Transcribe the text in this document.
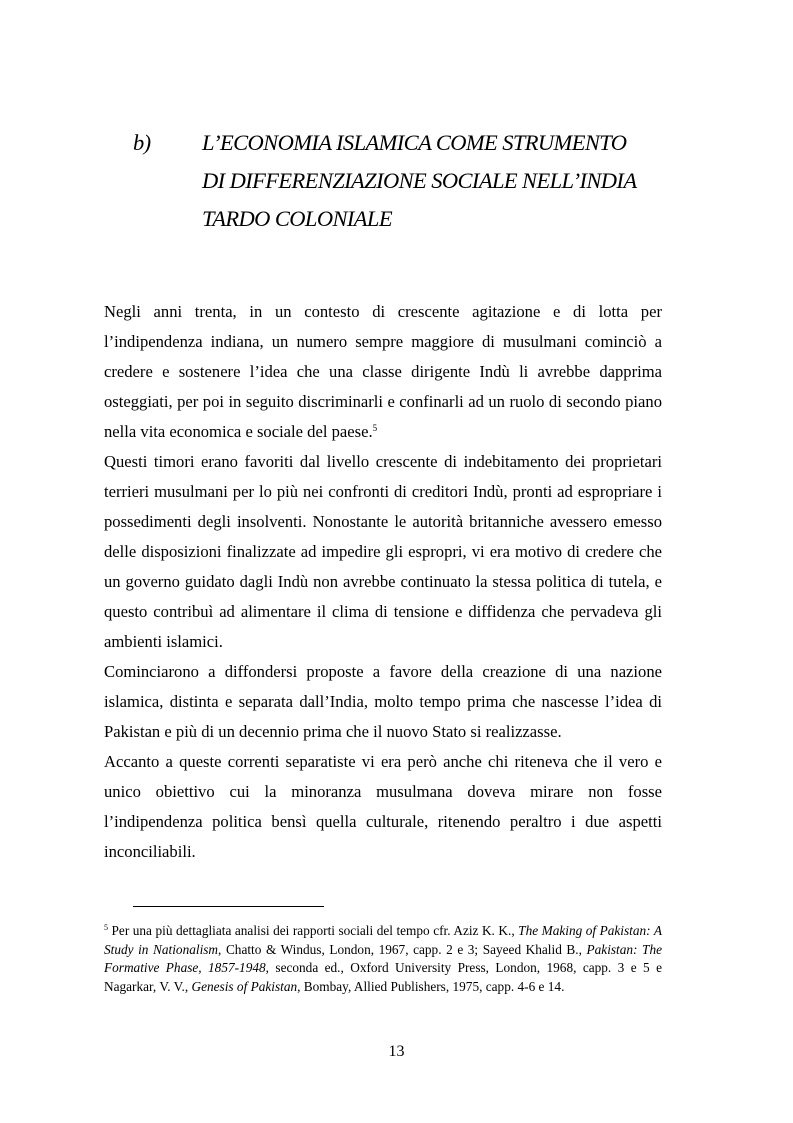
b) L’ECONOMIA ISLAMICA COME STRUMENTO
DI DIFFERENZIAZIONE SOCIALE NELL’INDIA
TARDO COLONIALE

Negli anni trenta, in un contesto di crescente agitazione e di lotta per l’indipendenza indiana, un numero sempre maggiore di musulmani cominciò a credere e sostenere l’idea che una classe dirigente Indù li avrebbe dapprima osteggiati, per poi in seguito discriminarli e confinarli ad un ruolo di secondo piano nella vita economica e sociale del paese.$^5$

Questi timori erano favoriti dal livello crescente di indebitamento dei proprietari terrieri musulmani per lo più nei confronti di creditori Indù, pronti ad espropriare i possedimenti degli insolventi. Nonostante le autorità britanniche avessero emesso delle disposizioni finalizzate ad impedire gli espropri, vi era motivo di credere che un governo guidato dagli Indù non avrebbe continuato la stessa politica di tutela, e questo contribuì ad alimentare il clima di tensione e diffidenza che pervadeva gli ambienti islamici.

Cominciarono a diffondersi proposte a favore della creazione di una nazione islamica, distinta e separata dall’India, molto tempo prima che nascesse l’idea di Pakistan e più di un decennio prima che il nuovo Stato si realizzasse.

Accanto a queste correnti separatiste vi era però anche chi riteneva che il vero e unico obiettivo cui la minoranza musulmana doveva mirare non fosse l’indipendenza politica bensì quella culturale, ritenendo peraltro i due aspetti inconciliabili.

$^5$ Per una più dettagliata analisi dei rapporti sociali del tempo cfr. Aziz K. K., The Making of Pakistan: A Study in Nationalism, Chatto & Windus, London, 1967, capp. 2 e 3; Sayeed Khalid B., Pakistan: The Formative Phase, 1857-1948, seconda ed., Oxford University Press, London, 1968, capp. 3 e 5 e Nagarkar, V. V., Genesis of Pakistan, Bombay, Allied Publishers, 1975, capp. 4-6 e 14.

13
